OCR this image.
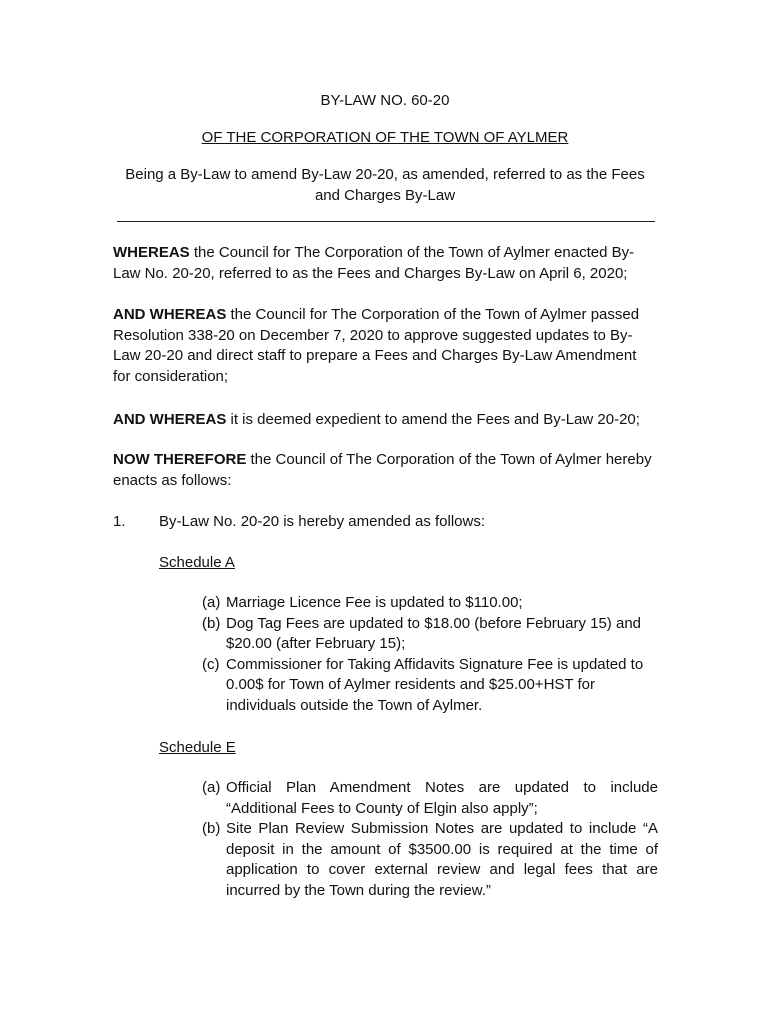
BY-LAW NO. 60-20
OF THE CORPORATION OF THE TOWN OF AYLMER
Being a By-Law to amend By-Law 20-20, as amended, referred to as the Fees and Charges By-Law
WHEREAS the Council for The Corporation of the Town of Aylmer enacted By-Law No. 20-20, referred to as the Fees and Charges By-Law on April 6, 2020;
AND WHEREAS the Council for The Corporation of the Town of Aylmer passed Resolution 338-20 on December 7, 2020 to approve suggested updates to By-Law 20-20 and direct staff to prepare a Fees and Charges By-Law Amendment for consideration;
AND WHEREAS it is deemed expedient to amend the Fees and By-Law 20-20;
NOW THEREFORE the Council of The Corporation of the Town of Aylmer hereby enacts as follows:
1. By-Law No. 20-20 is hereby amended as follows:
Schedule A
(a) Marriage Licence Fee is updated to $110.00;
(b) Dog Tag Fees are updated to $18.00 (before February 15) and $20.00 (after February 15);
(c) Commissioner for Taking Affidavits Signature Fee is updated to 0.00$ for Town of Aylmer residents and $25.00+HST for individuals outside the Town of Aylmer.
Schedule E
(a) Official Plan Amendment Notes are updated to include “Additional Fees to County of Elgin also apply”;
(b) Site Plan Review Submission Notes are updated to include “A deposit in the amount of $3500.00 is required at the time of application to cover external review and legal fees that are incurred by the Town during the review.”
